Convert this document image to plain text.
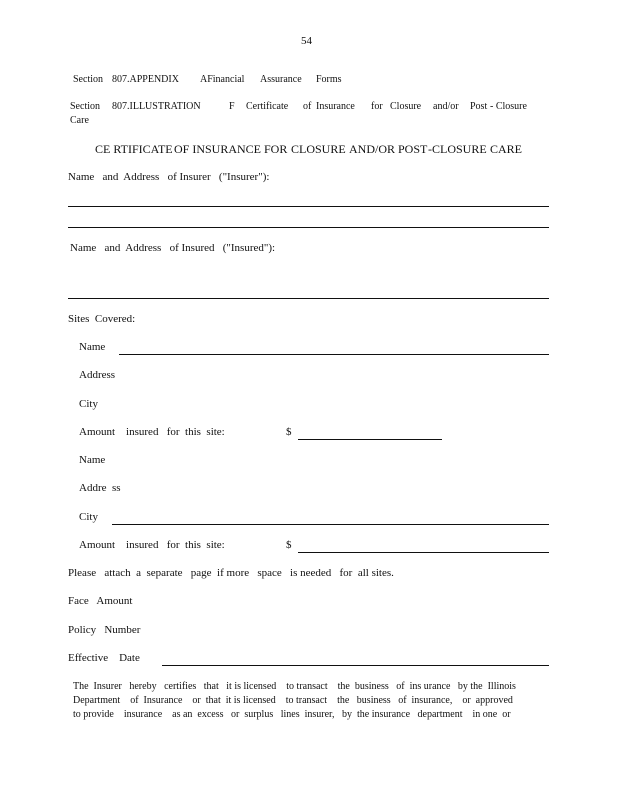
54
Section 807.APPENDIX AFinancial Assurance Forms
Section 807.ILLUSTRATION	F Certificate of Insurance for Closure and/or Post - Closure
Care
CE RTIFICATE OF INSURANCE FOR CLOSURE AND/OR POST -CLOSURE CARE
Name   and  Address   of Insurer   ("Insurer"):
Name   and  Address   of Insured   ("Insured"):
Sites  Covered:
Name
Address
City
Amount    insured   for  this  site:	$
Name
Addre  ss
City
Amount    insured   for  this  site:	$
Please   attach  a  separate   page  if more   space   is needed   for  all sites.
Face   Amount
Policy   Number
Effective    Date
The  Insurer   hereby   certifies   that   it is licensed    to transact    the  business   of  ins urance   by the  Illinois
Department    of  Insurance    or  that  it is licensed    to transact    the   business   of  insurance,    or  approved
to provide    insurance    as an  excess   or  surplus   lines  insurer,   by  the insurance   department    in one  or
